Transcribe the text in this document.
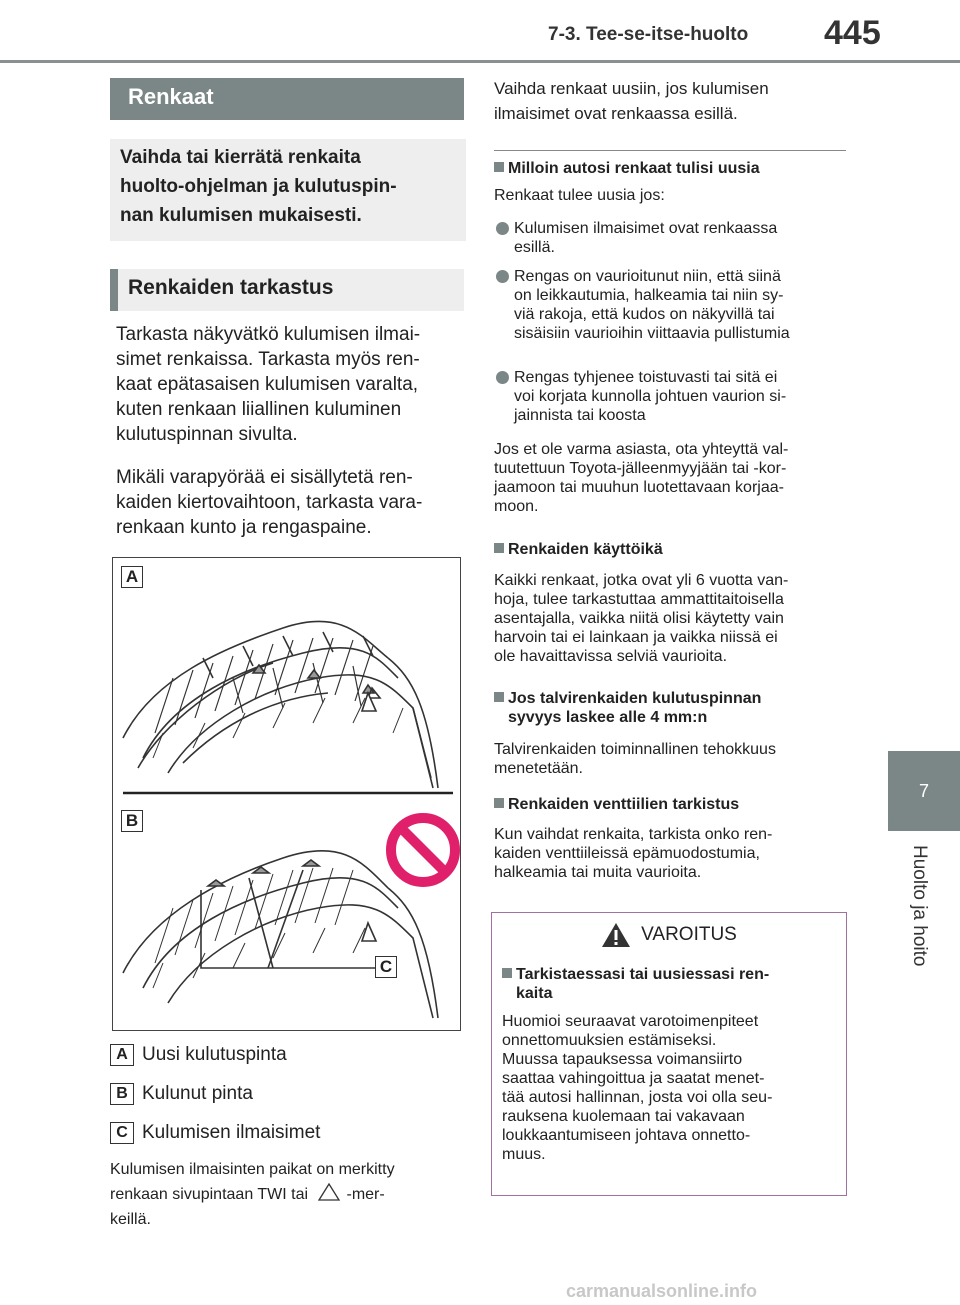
7-3. Tee-se-itse-huolto 445
7
Huolto ja hoito
Renkaat
Vaihda tai kierrätä renkaita
huolto-ohjelman ja kulutuspin-
nan kulumisen mukaisesti.
Renkaiden tarkastus
Tarkasta näkyvätkö kulumisen ilmai-
simet renkaissa. Tarkasta myös ren-
kaat epätasaisen kulumisen varalta,
kuten renkaan liiallinen kuluminen
kulutuspinnan sivulta.
Mikäli varapyörää ei sisällytetä ren-
kaiden kiertovaihtoon, tarkasta vara-
renkaan kunto ja rengaspaine.
A
B
C
A Uusi kulutuspinta
B Kulunut pinta
C Kulumisen ilmaisimet
Kulumisen ilmaisinten paikat on merkitty
renkaan sivupintaan TWI tai -mer-
keillä.
Vaihda renkaat uusiin, jos kulumisen
ilmaisimet ovat renkaassa esillä.
Milloin autosi renkaat tulisi uusia
Renkaat tulee uusia jos:
Kulumisen ilmaisimet ovat renkaassa
esillä.
Rengas on vaurioitunut niin, että siinä
on leikkautumia, halkeamia tai niin sy-
viä rakoja, että kudos on näkyvillä tai
sisäisiin vaurioihin viittaavia pullistumia
Rengas tyhjenee toistuvasti tai sitä ei
voi korjata kunnolla johtuen vaurion si-
jainnista tai koosta
Jos et ole varma asiasta, ota yhteyttä val-
tuutettuun Toyota-jälleenmyyjään tai -kor-
jaamoon tai muuhun luotettavaan korjaa-
moon.
Renkaiden käyttöikä
Kaikki renkaat, jotka ovat yli 6 vuotta van-
hoja, tulee tarkastuttaa ammattitaitoisella
asentajalla, vaikka niitä olisi käytetty vain
harvoin tai ei lainkaan ja vaikka niissä ei
ole havaittavissa selviä vaurioita.
Jos talvirenkaiden kulutuspinnan
syvyys laskee alle 4 mm:n
Talvirenkaiden toiminnallinen tehokkuus
menetetään.
Renkaiden venttiilien tarkistus
Kun vaihdat renkaita, tarkista onko ren-
kaiden venttiileissä epämuodostumia,
halkeamia tai muita vaurioita.
VAROITUS
Tarkistaessasi tai uusiessasi ren-
kaita
Huomioi seuraavat varotoimenpiteet
onnettomuuksien estämiseksi.
Muussa tapauksessa voimansiirto
saattaa vahingoittua ja saatat menet-
tää autosi hallinnan, josta voi olla seu-
rauksena kuolemaan tai vakavaan
loukkaantumiseen johtava onnetto-
muus.
carmanualsonline.info
